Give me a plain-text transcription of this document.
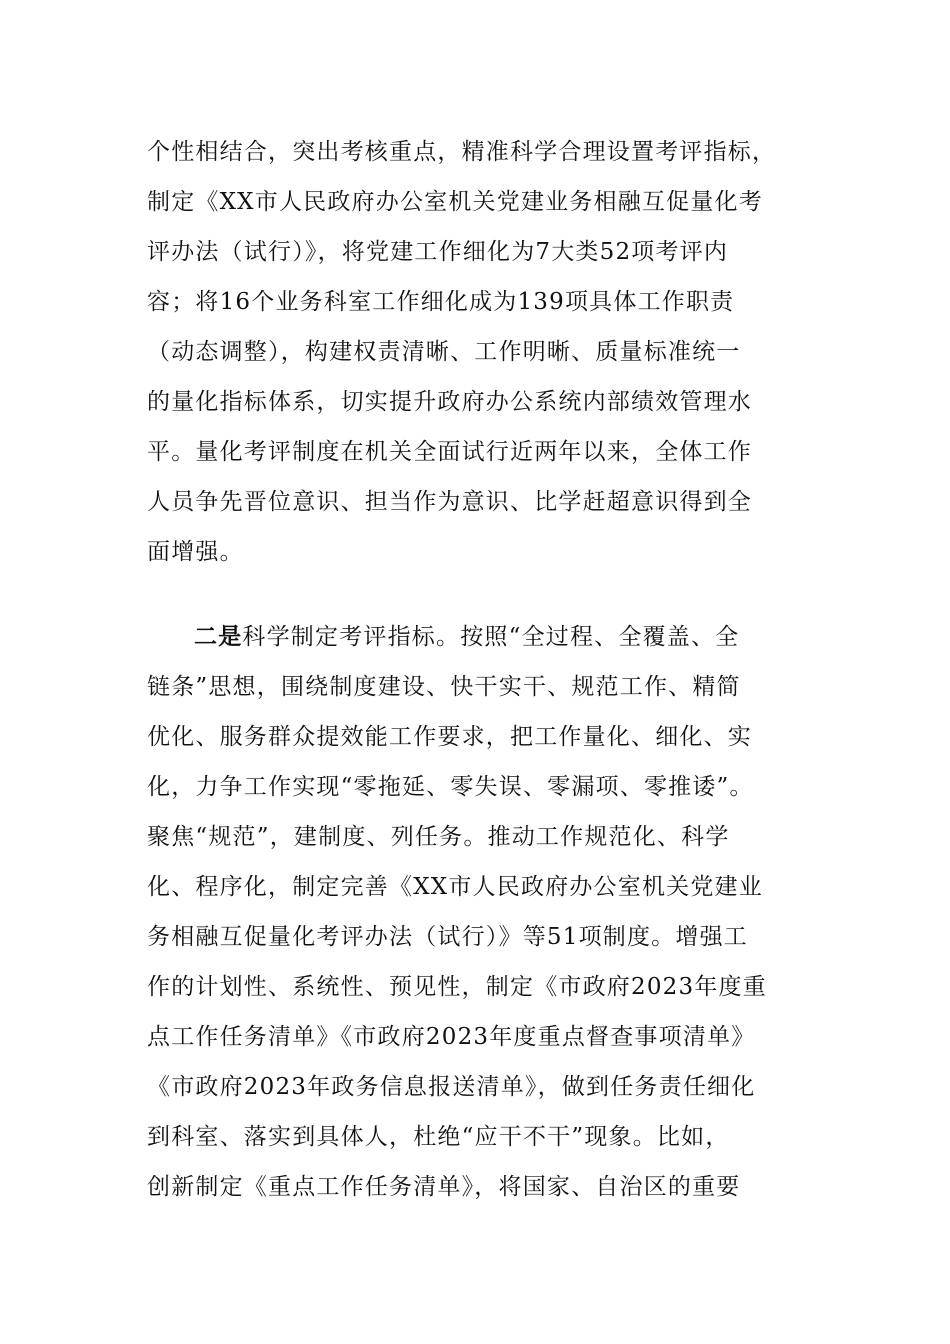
个性相结合，突出考核重点，精准科学合理设置考评指标，
制定《XX市人民政府办公室机关党建业务相融互促量化考
评办法（试行）》，将党建工作细化为7大类52项考评内
容；将16个业务科室工作细化成为139项具体工作职责
（动态调整），构建权责清晰、工作明晰、质量标准统一
的量化指标体系，切实提升政府办公系统内部绩效管理水
平。量化考评制度在机关全面试行近两年以来，全体工作
人员争先晋位意识、担当作为意识、比学赶超意识得到全
面增强。
二是科学制定考评指标。按照“全过程、全覆盖、全
链条”思想，围绕制度建设、快干实干、规范工作、精简
优化、服务群众提效能工作要求，把工作量化、细化、实
化，力争工作实现“零拖延、零失误、零漏项、零推诿”。
聚焦“规范”，建制度、列任务。推动工作规范化、科学
化、程序化，制定完善《XX市人民政府办公室机关党建业
务相融互促量化考评办法（试行）》等51项制度。增强工
作的计划性、系统性、预见性，制定《市政府2023年度重
点工作任务清单》《市政府2023年度重点督查事项清单》
《市政府2023年政务信息报送清单》，做到任务责任细化
到科室、落实到具体人，杜绝“应干不干”现象。比如，
创新制定《重点工作任务清单》，将国家、自治区的重要
